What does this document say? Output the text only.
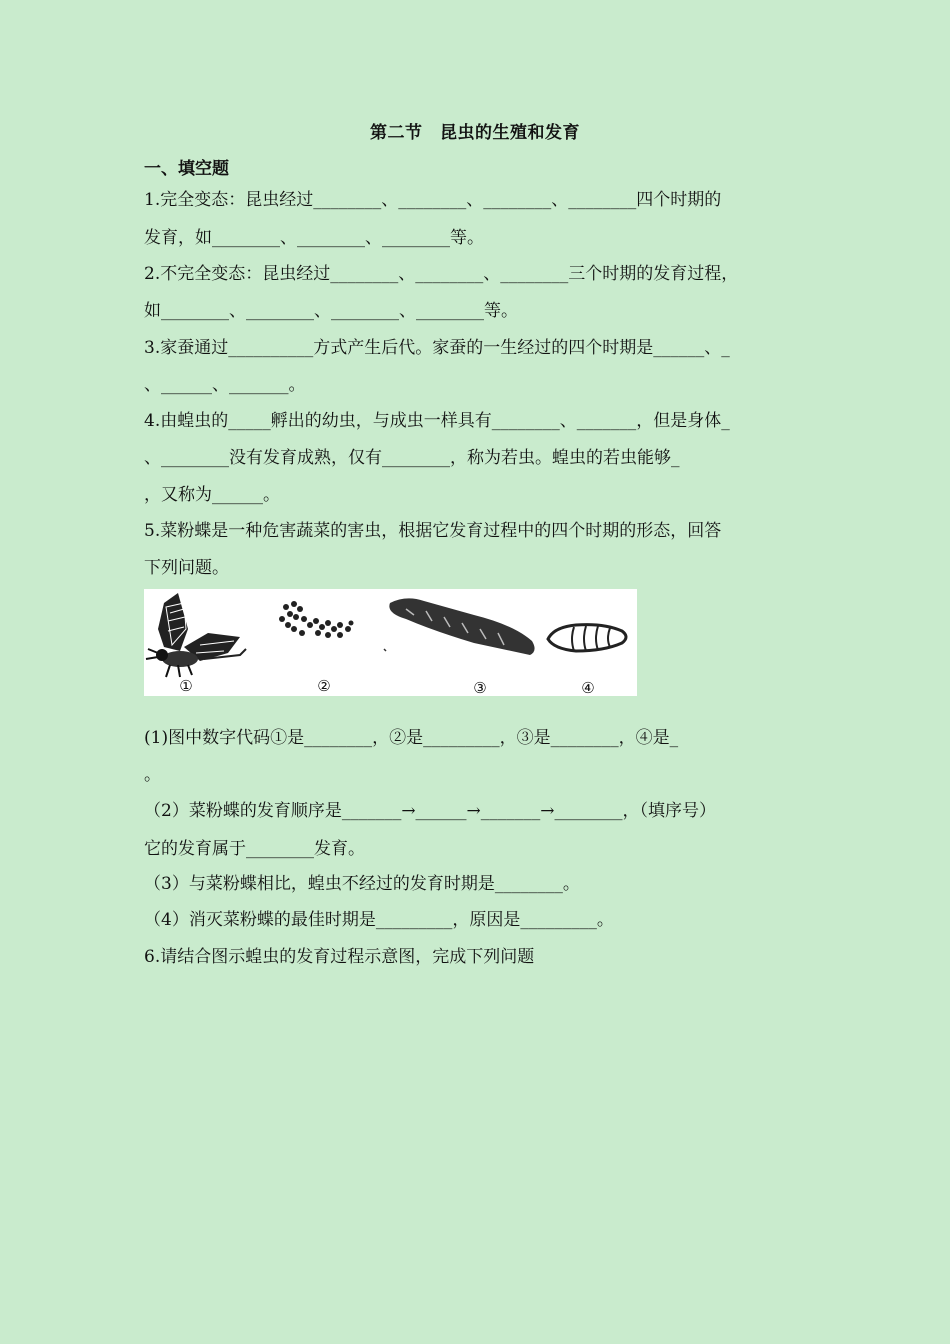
第二节　昆虫的生殖和发育
一、填空题
1.完全变态：昆虫经过________、________、________、________四个时期的
发育，如________、________、________等。
2.不完全变态：昆虫经过________、________、________三个时期的发育过程，
如________、________、________、________等。
3.家蚕通过__________方式产生后代。家蚕的一生经过的四个时期是______、_
、______、_______。
4.由蝗虫的_____孵出的幼虫，与成虫一样具有________、_______，但是身体_
、________没有发育成熟，仅有________，称为若虫。蝗虫的若虫能够_
，又称为______。
5.菜粉蝶是一种危害蔬菜的害虫，根据它发育过程中的四个时期的形态，回答
下列问题。
①	②	③	④
(1)图中数字代码①是________，②是_________，③是________，④是_
。
（2）菜粉蝶的发育顺序是_______→______→_______→________，（填序号）
它的发育属于________发育。
（3）与菜粉蝶相比，蝗虫不经过的发育时期是________。
（4）消灭菜粉蝶的最佳时期是_________，原因是_________。
6.请结合图示蝗虫的发育过程示意图，完成下列问题
